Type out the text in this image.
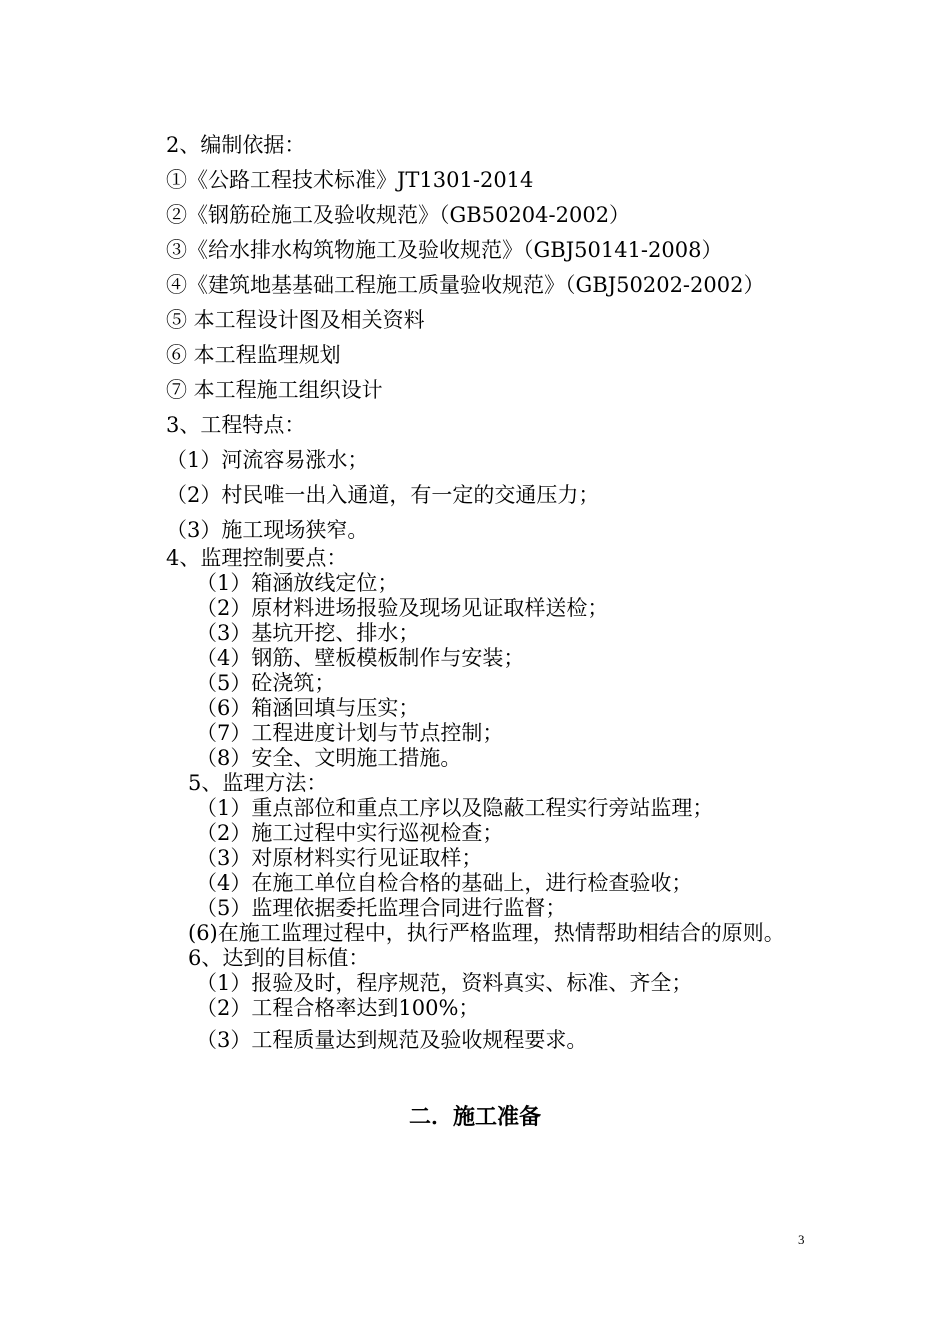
2、编制依据：
①《公路工程技术标准》JT1301-2014
②《钢筋砼施工及验收规范》（GB50204-2002）
③《给水排水构筑物施工及验收规范》（GBJ50141-2008）
④《建筑地基基础工程施工质量验收规范》（GBJ50202-2002）
⑤ 本工程设计图及相关资料
⑥ 本工程监理规划
⑦ 本工程施工组织设计
3、工程特点：
（1）河流容易涨水；
（2）村民唯一出入通道，有一定的交通压力；
（3）施工现场狭窄。
4、监理控制要点：
（1）箱涵放线定位；
（2）原材料进场报验及现场见证取样送检；
（3）基坑开挖、排水；
（4）钢筋、壁板模板制作与安装；
（5）砼浇筑；
（6）箱涵回填与压实；
（7）工程进度计划与节点控制；
（8）安全、文明施工措施。
5、监理方法：
（1）重点部位和重点工序以及隐蔽工程实行旁站监理；
（2）施工过程中实行巡视检查；
（3）对原材料实行见证取样；
（4）在施工单位自检合格的基础上，进行检查验收；
（5）监理依据委托监理合同进行监督；
(6)在施工监理过程中，执行严格监理，热情帮助相结合的原则。
6、达到的目标值：
（1）报验及时，程序规范，资料真实、标准、齐全；
（2）工程合格率达到100%；
（3）工程质量达到规范及验收规程要求。
二．施工准备
3
